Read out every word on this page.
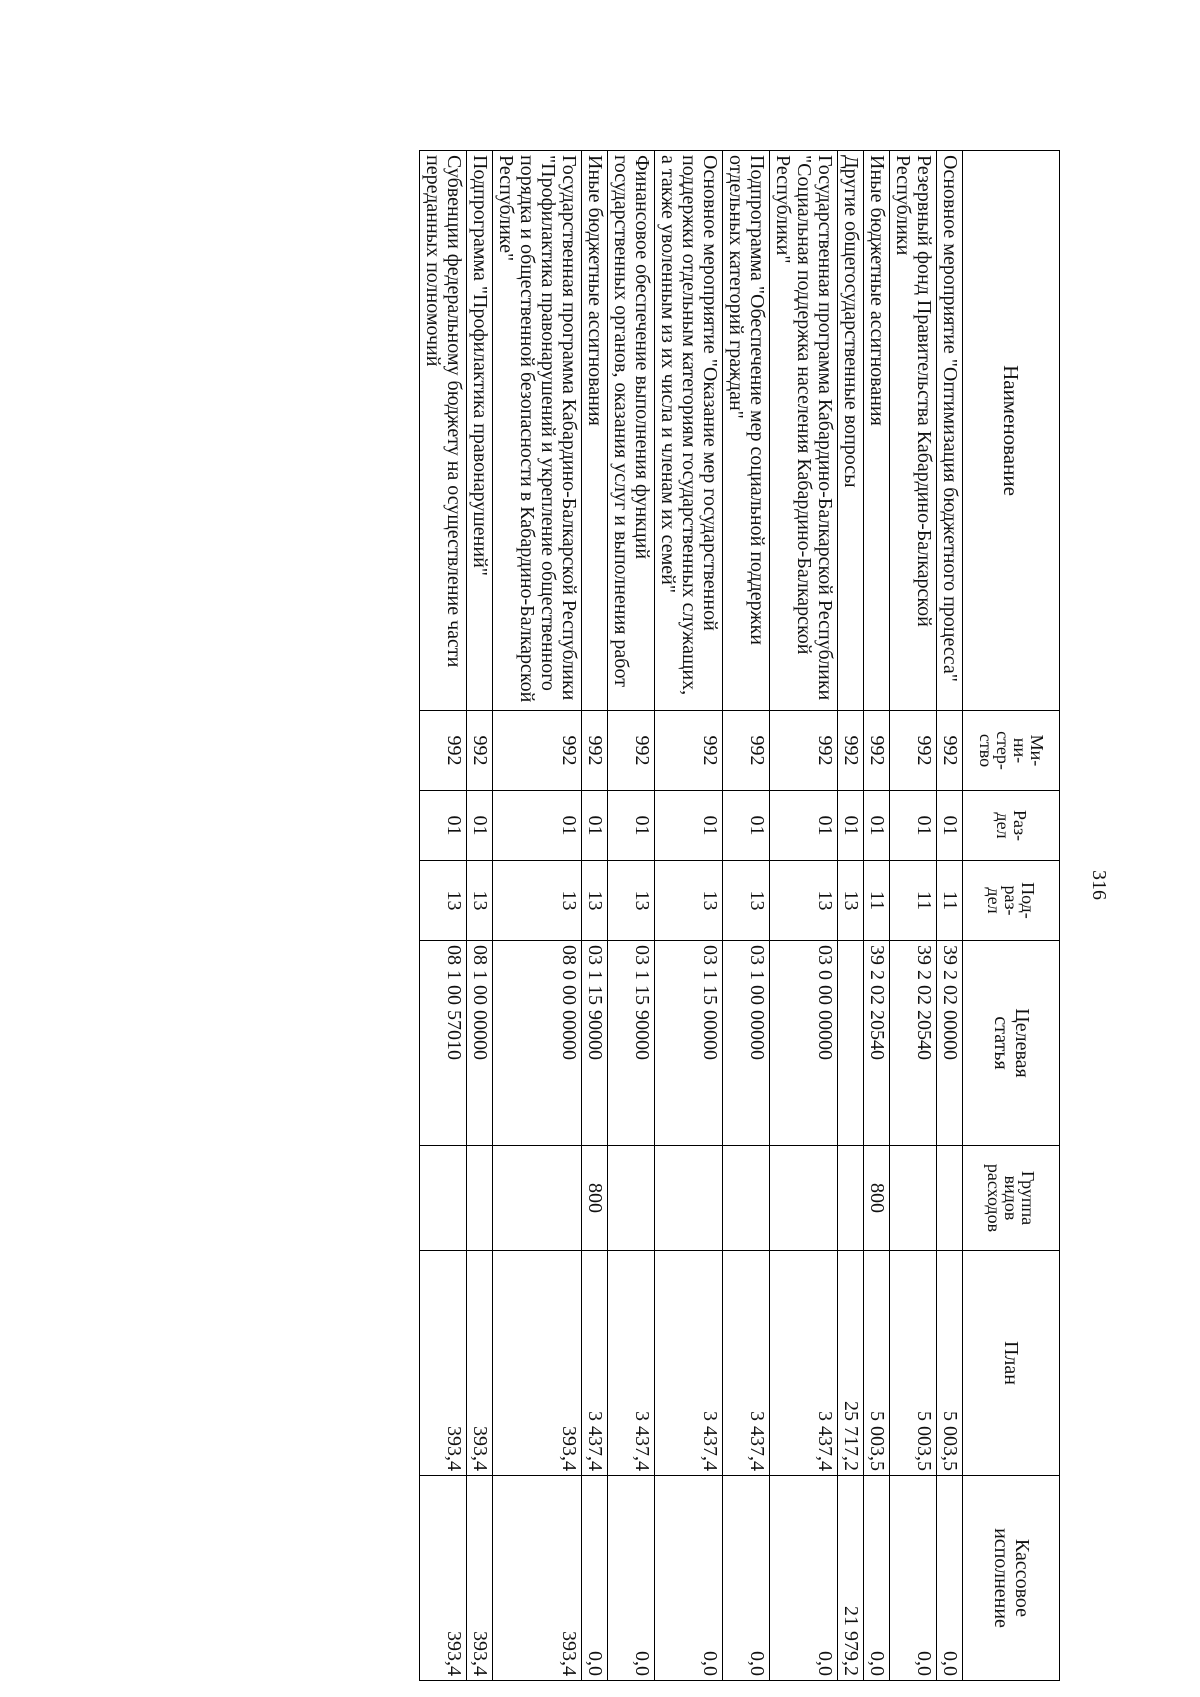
316
Наименование	Ми-
ни-
стер-
ство	Раз-
дел	Под-
раз-
дел	Целевая
статья	Группа
видов
расходов	План	Кассовое
исполнение
Основное мероприятие "Оптимизация бюджетного процесса"	992	01	11	39 2 02 00000		5 003,5	0,0
Резервный фонд Правительства Кабардино-Балкарской Республики	992	01	11	39 2 02 20540		5 003,5	0,0
Иные бюджетные ассигнования	992	01	11	39 2 02 20540	800	5 003,5	0,0
Другие общегосударственные вопросы	992	01	13			25 717,2	21 979,2
Государственная программа Кабардино-Балкарской Республики "Социальная поддержка населения Кабардино-Балкарской Республики"	992	01	13	03 0 00 00000		3 437,4	0,0
Подпрограмма "Обеспечение мер социальной поддержки отдельных категорий граждан"	992	01	13	03 1 00 00000		3 437,4	0,0
Основное мероприятие "Оказание мер государственной поддержки отдельным категориям государственных служащих, а также уволенным из их числа и членам их семей"	992	01	13	03 1 15 00000		3 437,4	0,0
Финансовое обеспечение выполнения функций государственных органов, оказания услуг и выполнения работ	992	01	13	03 1 15 90000		3 437,4	0,0
Иные бюджетные ассигнования	992	01	13	03 1 15 90000	800	3 437,4	0,0
Государственная программа Кабардино-Балкарской Республики "Профилактика правонарушений и укрепление общественного порядка и общественной безопасности в Кабардино-Балкарской Республике"	992	01	13	08 0 00 00000		393,4	393,4
Подпрограмма "Профилактика правонарушений"	992	01	13	08 1 00 00000		393,4	393,4
Субвенции федеральному бюджету на осуществление части переданных полномочий	992	01	13	08 1 00 57010		393,4	393,4
